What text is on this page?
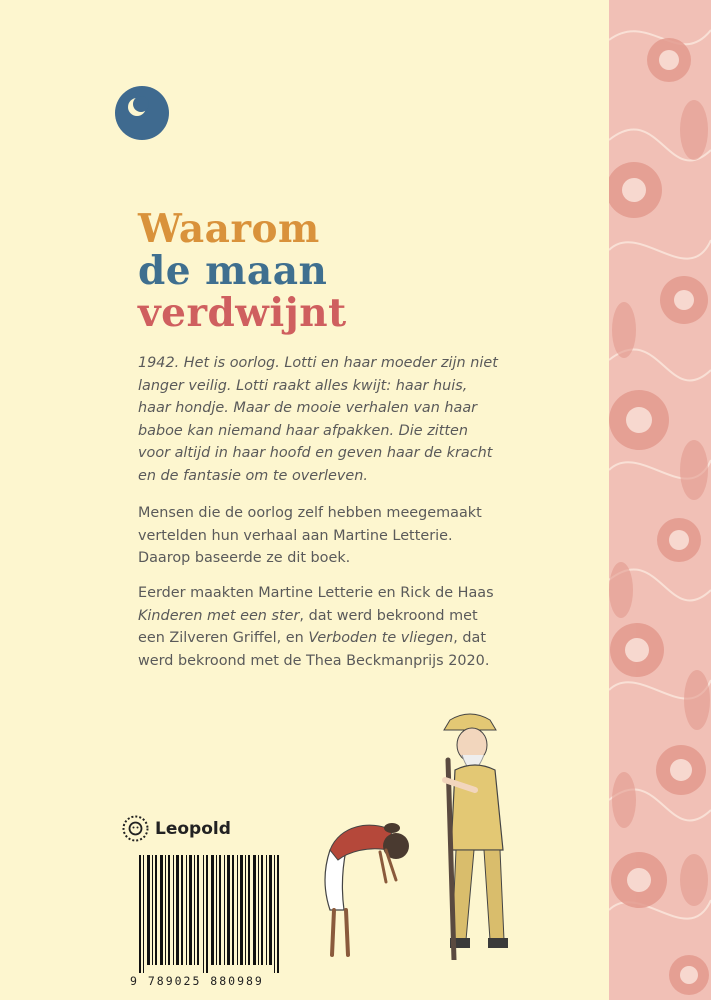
Waarom
de maan
verdwijnt

1942. Het is oorlog. Lotti en haar moeder zijn niet langer veilig. Lotti raakt alles kwijt: haar huis, haar hondje. Maar de mooie verhalen van haar baboe kan niemand haar afpakken. Die zitten voor altijd in haar hoofd en geven haar de kracht en de fantasie om te overleven.

Mensen die de oorlog zelf hebben meegemaakt vertelden hun verhaal aan Martine Letterie. Daarop baseerde ze dit boek.

Eerder maakten Martine Letterie en Rick de Haas Kinderen met een ster, dat werd bekroond met een Zilveren Griffel, en Verboden te vliegen, dat werd bekroond met de Thea Beckmanprijs 2020.

Leopold
9 789025 880989
